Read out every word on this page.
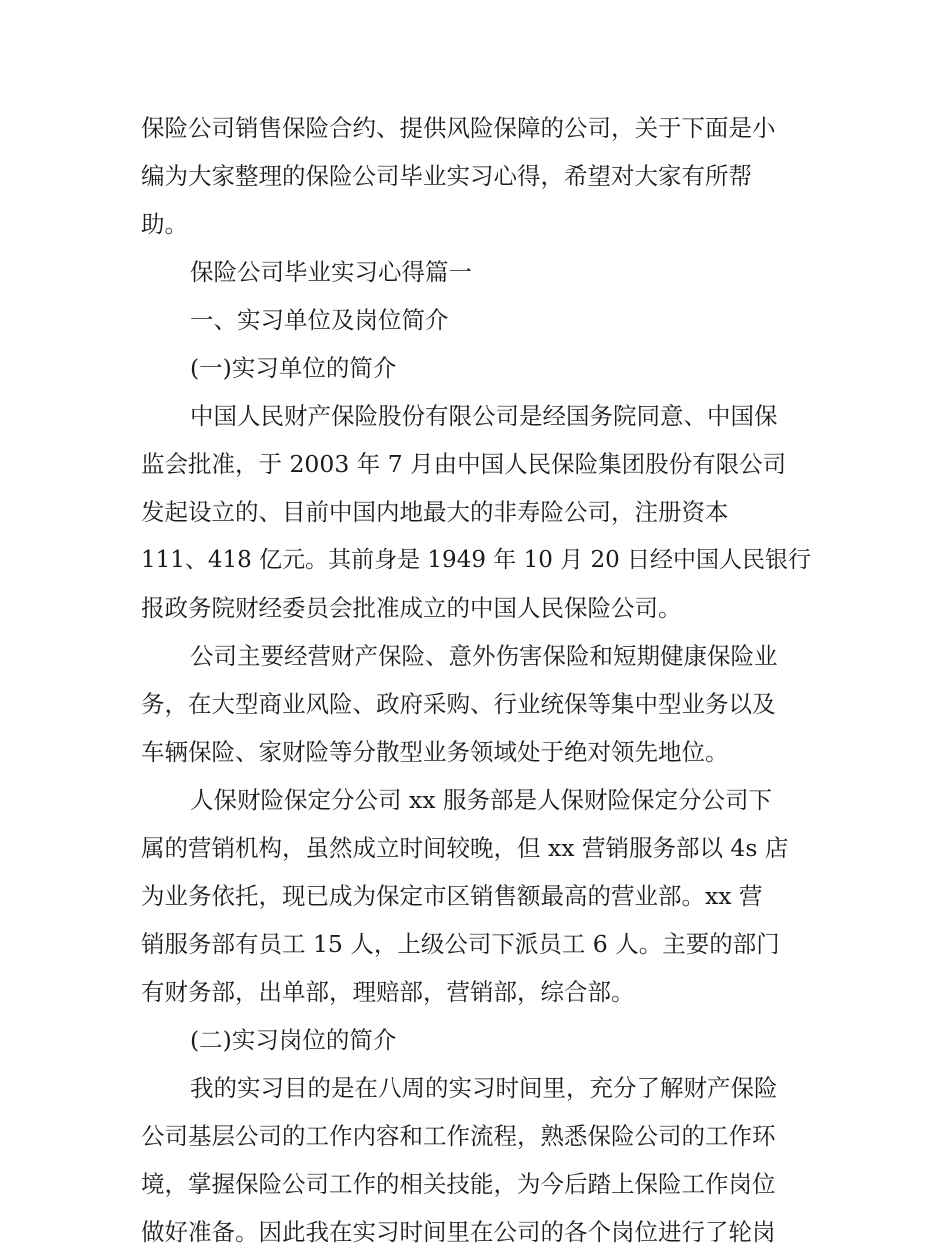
保险公司销售保险合约、提供风险保障的公司，关于下面是小
编为大家整理的保险公司毕业实习心得，希望对大家有所帮
助。
保险公司毕业实习心得篇一
一、实习单位及岗位简介
(一)实习单位的简介
中国人民财产保险股份有限公司是经国务院同意、中国保
监会批准，于 2003 年 7 月由中国人民保险集团股份有限公司
发起设立的、目前中国内地最大的非寿险公司，注册资本
111、418 亿元。其前身是 1949 年 10 月 20 日经中国人民银行
报政务院财经委员会批准成立的中国人民保险公司。
公司主要经营财产保险、意外伤害保险和短期健康保险业
务，在大型商业风险、政府采购、行业统保等集中型业务以及
车辆保险、家财险等分散型业务领域处于绝对领先地位。
人保财险保定分公司 xx 服务部是人保财险保定分公司下
属的营销机构，虽然成立时间较晚，但 xx 营销服务部以 4s 店
为业务依托，现已成为保定市区销售额最高的营业部。xx 营
销服务部有员工 15 人，上级公司下派员工 6 人。主要的部门
有财务部，出单部，理赔部，营销部，综合部。
(二)实习岗位的简介
我的实习目的是在八周的实习时间里，充分了解财产保险
公司基层公司的工作内容和工作流程，熟悉保险公司的工作环
境，掌握保险公司工作的相关技能，为今后踏上保险工作岗位
做好准备。因此我在实习时间里在公司的各个岗位进行了轮岗
